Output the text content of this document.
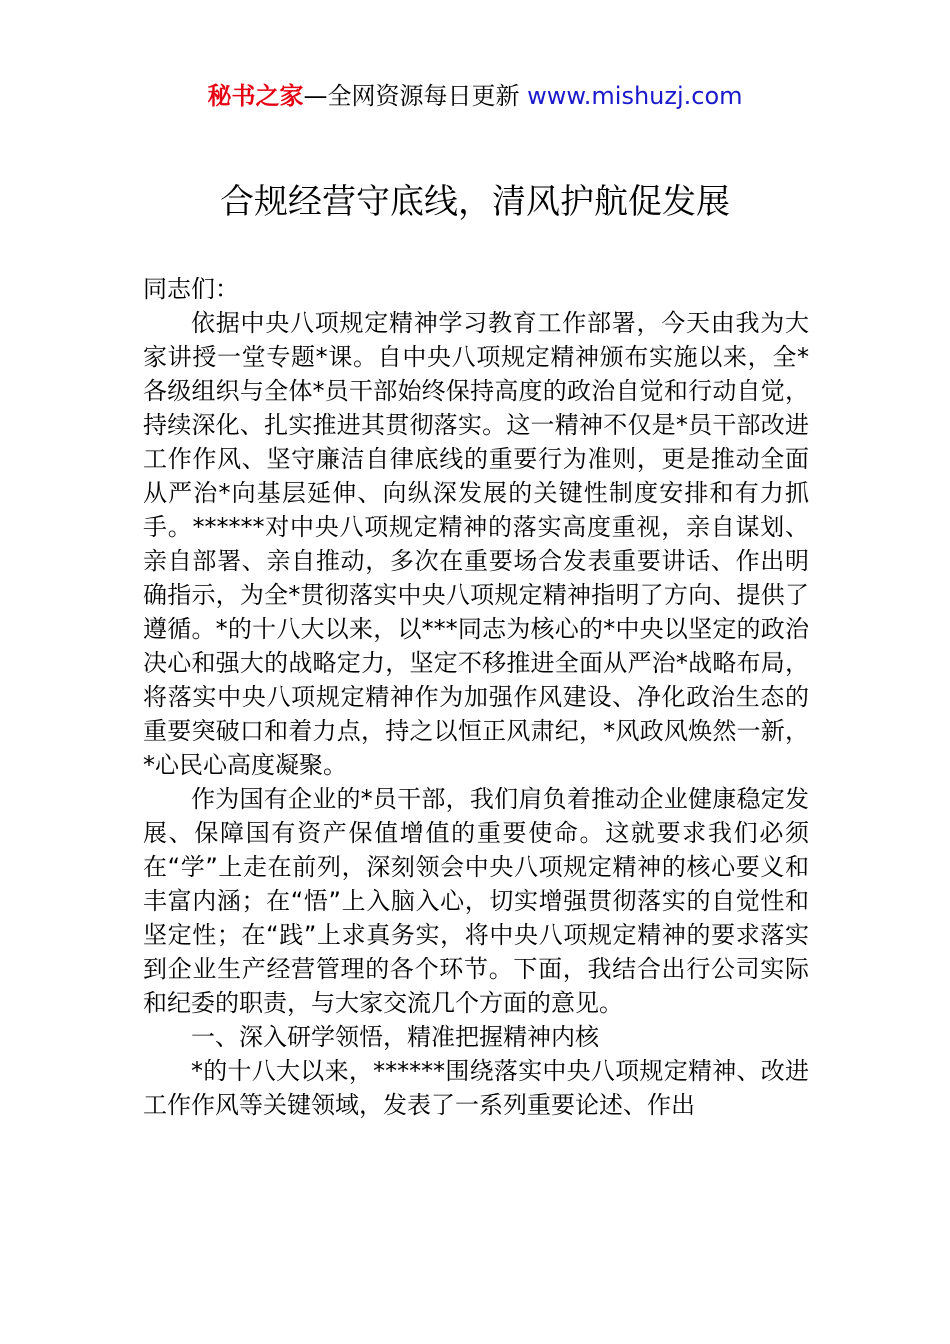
秘书之家—全网资源每日更新 www.mishuzj.com
合规经营守底线，清风护航促发展

同志们：

依据中央八项规定精神学习教育工作部署，今天由我为大家讲授一堂专题*课。自中央八项规定精神颁布实施以来，全*各级组织与全体*员干部始终保持高度的政治自觉和行动自觉，持续深化、扎实推进其贯彻落实。这一精神不仅是*员干部改进工作作风、坚守廉洁自律底线的重要行为准则，更是推动全面从严治*向基层延伸、向纵深发展的关键性制度安排和有力抓手。******对中央八项规定精神的落实高度重视，亲自谋划、亲自部署、亲自推动，多次在重要场合发表重要讲话、作出明确指示，为全*贯彻落实中央八项规定精神指明了方向、提供了遵循。*的十八大以来，以***同志为核心的*中央以坚定的政治决心和强大的战略定力，坚定不移推进全面从严治*战略布局，将落实中央八项规定精神作为加强作风建设、净化政治生态的重要突破口和着力点，持之以恒正风肃纪，*风政风焕然一新，*心民心高度凝聚。

作为国有企业的*员干部，我们肩负着推动企业健康稳定发展、保障国有资产保值增值的重要使命。这就要求我们必须在“学”上走在前列，深刻领会中央八项规定精神的核心要义和丰富内涵；在“悟”上入脑入心，切实增强贯彻落实的自觉性和坚定性；在“践”上求真务实，将中央八项规定精神的要求落实到企业生产经营管理的各个环节。下面，我结合出行公司实际和纪委的职责，与大家交流几个方面的意见。

一、深入研学领悟，精准把握精神内核

*的十八大以来，******围绕落实中央八项规定精神、改进工作作风等关键领域，发表了一系列重要论述、作出
